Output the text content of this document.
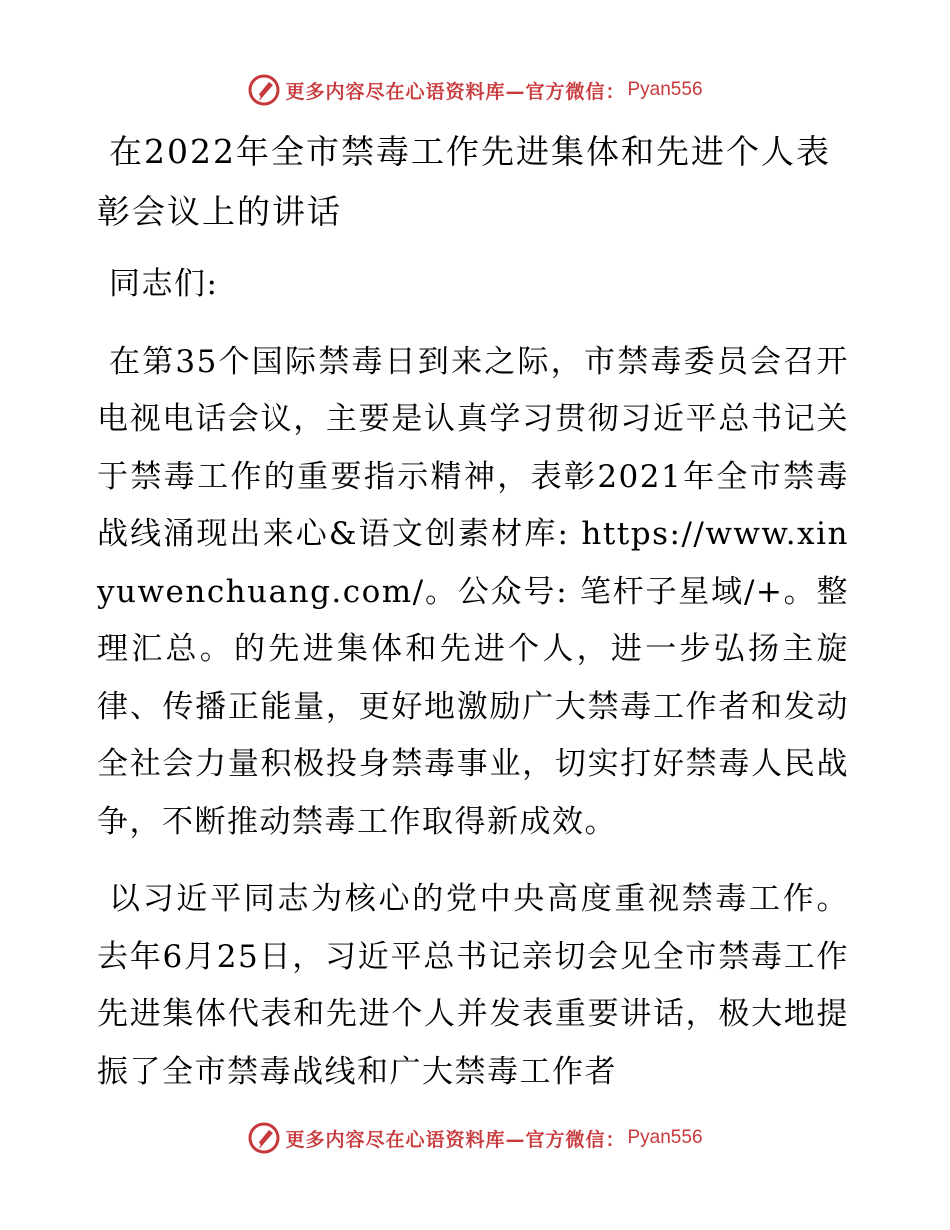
更多内容尽在心语资料库—官方微信： Pyan556
在2022年全市禁毒工作先进集体和先进个人表彰会议上的讲话

同志们:

在第35个国际禁毒日到来之际，市禁毒委员会召开电视电话会议，主要是认真学习贯彻习近平总书记关于禁毒工作的重要指示精神，表彰2021年全市禁毒战线涌现出来心&语文创素材库: https://www.xinyuwenchuang.com/。公众号: 笔杆子星域/+。整理汇总。的先进集体和先进个人，进一步弘扬主旋律、传播正能量，更好地激励广大禁毒工作者和发动全社会力量积极投身禁毒事业，切实打好禁毒人民战争，不断推动禁毒工作取得新成效。

以习近平同志为核心的党中央高度重视禁毒工作。去年6月25日，习近平总书记亲切会见全市禁毒工作先进集体代表和先进个人并发表重要讲话，极大地提振了全市禁毒战线和广大禁毒工作者

更多内容尽在心语资料库—官方微信： Pyan556
